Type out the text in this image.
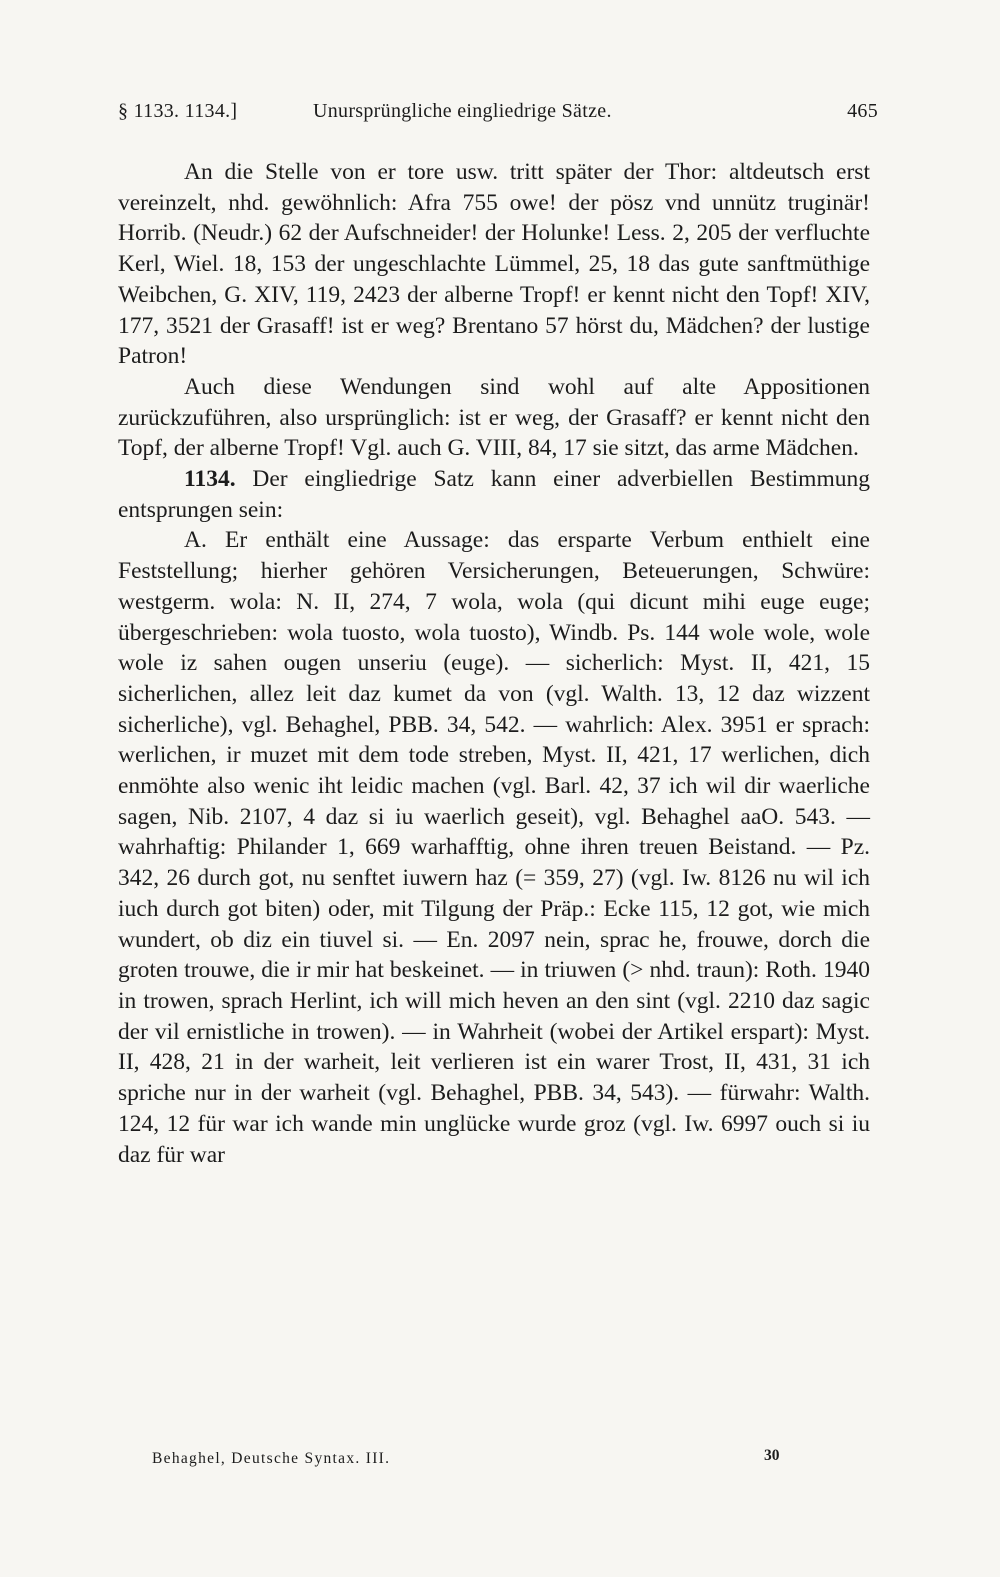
§ 1133. 1134.]	Unursprüngliche eingliedrige Sätze.	465

An die Stelle von er tore usw. tritt später der Thor: altdeutsch erst vereinzelt, nhd. gewöhnlich: Afra 755 owe! der pösz vnd unnütz truginär! Horrib. (Neudr.) 62 der Aufschneider! der Holunke! Less. 2, 205 der verfluchte Kerl, Wiel. 18, 153 der ungeschlachte Lümmel, 25, 18 das gute sanftmüthige Weibchen, G. XIV, 119, 2423 der alberne Tropf! er kennt nicht den Topf! XIV, 177, 3521 der Grasaff! ist er weg? Brentano 57 hörst du, Mädchen? der lustige Patron!

Auch diese Wendungen sind wohl auf alte Appositionen zurückzuführen, also ursprünglich: ist er weg, der Grasaff? er kennt nicht den Topf, der alberne Tropf! Vgl. auch G. VIII, 84, 17 sie sitzt, das arme Mädchen.

1134. Der eingliedrige Satz kann einer adverbiellen Bestimmung entsprungen sein:

A. Er enthält eine Aussage: das ersparte Verbum enthielt eine Feststellung; hierher gehören Versicherungen, Beteuerungen, Schwüre: westgerm. wola: N. II, 274, 7 wola, wola (qui dicunt mihi euge euge; übergeschrieben: wola tuosto, wola tuosto), Windb. Ps. 144 wole wole, wole wole iz sahen ougen unseriu (euge). — sicherlich: Myst. II, 421, 15 sicherlichen, allez leit daz kumet da von (vgl. Walth. 13, 12 daz wizzent sicherliche), vgl. Behaghel, PBB. 34, 542. — wahrlich: Alex. 3951 er sprach: werlichen, ir muzet mit dem tode streben, Myst. II, 421, 17 werlichen, dich enmöhte also wenic iht leidic machen (vgl. Barl. 42, 37 ich wil dir waerliche sagen, Nib. 2107, 4 daz si iu waerlich geseit), vgl. Behaghel aaO. 543. — wahrhaftig: Philander 1, 669 warhafftig, ohne ihren treuen Beistand. — Pz. 342, 26 durch got, nu senftet iuwern haz (= 359, 27) (vgl. Iw. 8126 nu wil ich iuch durch got biten) oder, mit Tilgung der Präp.: Ecke 115, 12 got, wie mich wundert, ob diz ein tiuvel si. — En. 2097 nein, sprac he, frouwe, dorch die groten trouwe, die ir mir hat beskeinet. — in triuwen (> nhd. traun): Roth. 1940 in trowen, sprach Herlint, ich will mich heven an den sint (vgl. 2210 daz sagic der vil ernistliche in trowen). — in Wahrheit (wobei der Artikel erspart): Myst. II, 428, 21 in der warheit, leit verlieren ist ein warer Trost, II, 431, 31 ich spriche nur in der warheit (vgl. Behaghel, PBB. 34, 543). — fürwahr: Walth. 124, 12 für war ich wande min unglücke wurde groz (vgl. Iw. 6997 ouch si iu daz für war

Behaghel, Deutsche Syntax. III.	30
